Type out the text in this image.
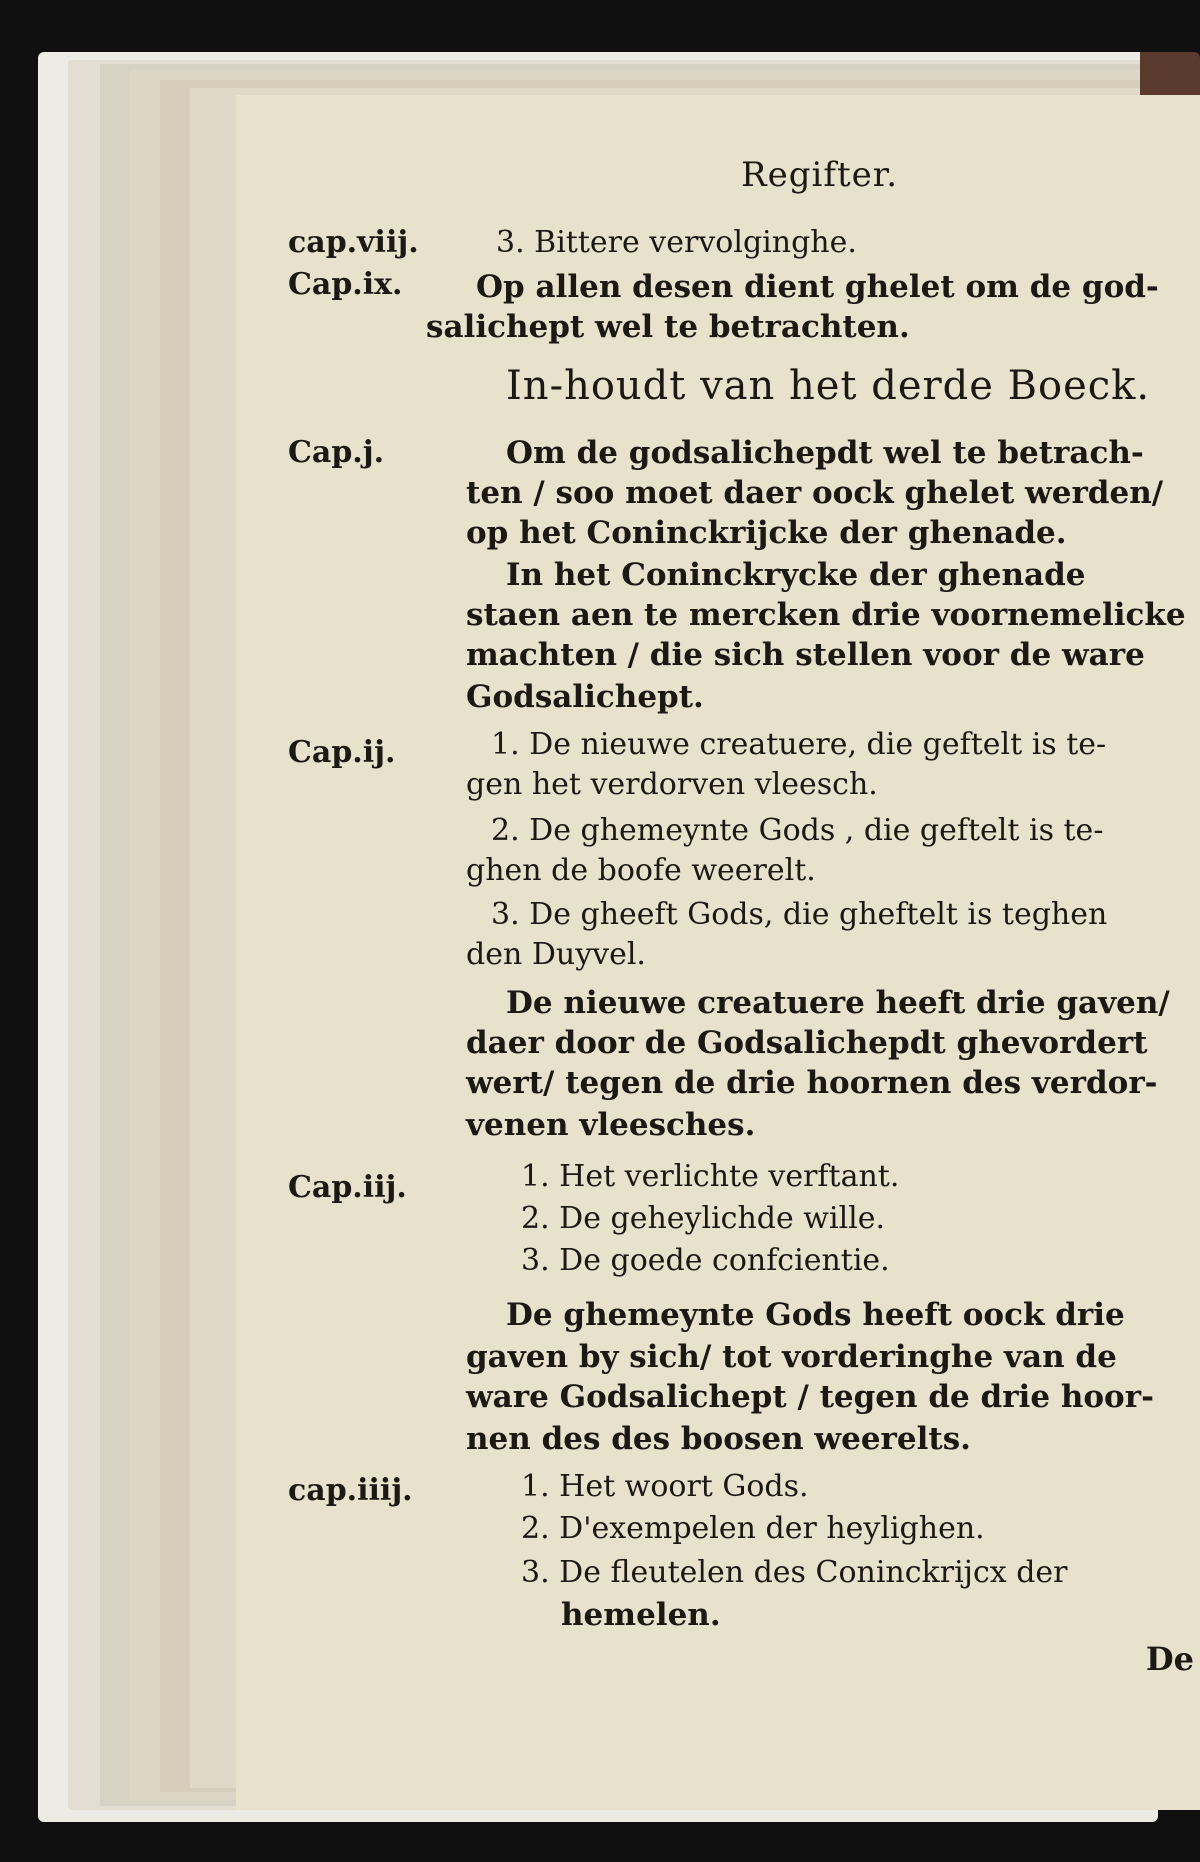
Regifter.
cap.viij.
Cap.ix.
Cap.j.
Cap.ij.
Cap.iij.
cap.iiij.
3. Bittere vervolginghe.
Op allen desen dient ghelet om de god-
salichept wel te betrachten.
In-houdt van het derde Boeck.
Om de godsalichepdt wel te betrach-
ten / soo moet daer oock ghelet werden/
op het Coninckrijcke der ghenade.
In het Coninckrycke der ghenade
staen aen te mercken drie voornemelicke
machten / die sich stellen voor de ware
Godsalichept.
1. De nieuwe creatuere, die geftelt is te-
gen het verdorven vleesch.
2. De ghemeynte Gods , die geftelt is te-
ghen de boofe weerelt.
3. De gheeft Gods, die gheftelt is teghen
den Duyvel.
De nieuwe creatuere heeft drie gaven/
daer door de Godsalichepdt ghevordert
wert/ tegen de drie hoornen des verdor-
venen vleesches.
1. Het verlichte verftant.
2. De geheylichde wille.
3. De goede confcientie.
De ghemeynte Gods heeft oock drie
gaven by sich/ tot vorderinghe van de
ware Godsalichept / tegen de drie hoor-
nen des des boosen weerelts.
1. Het woort Gods.
2. D'exempelen der heylighen.
3. De fleutelen des Coninckrijcx der
hemelen.
De
